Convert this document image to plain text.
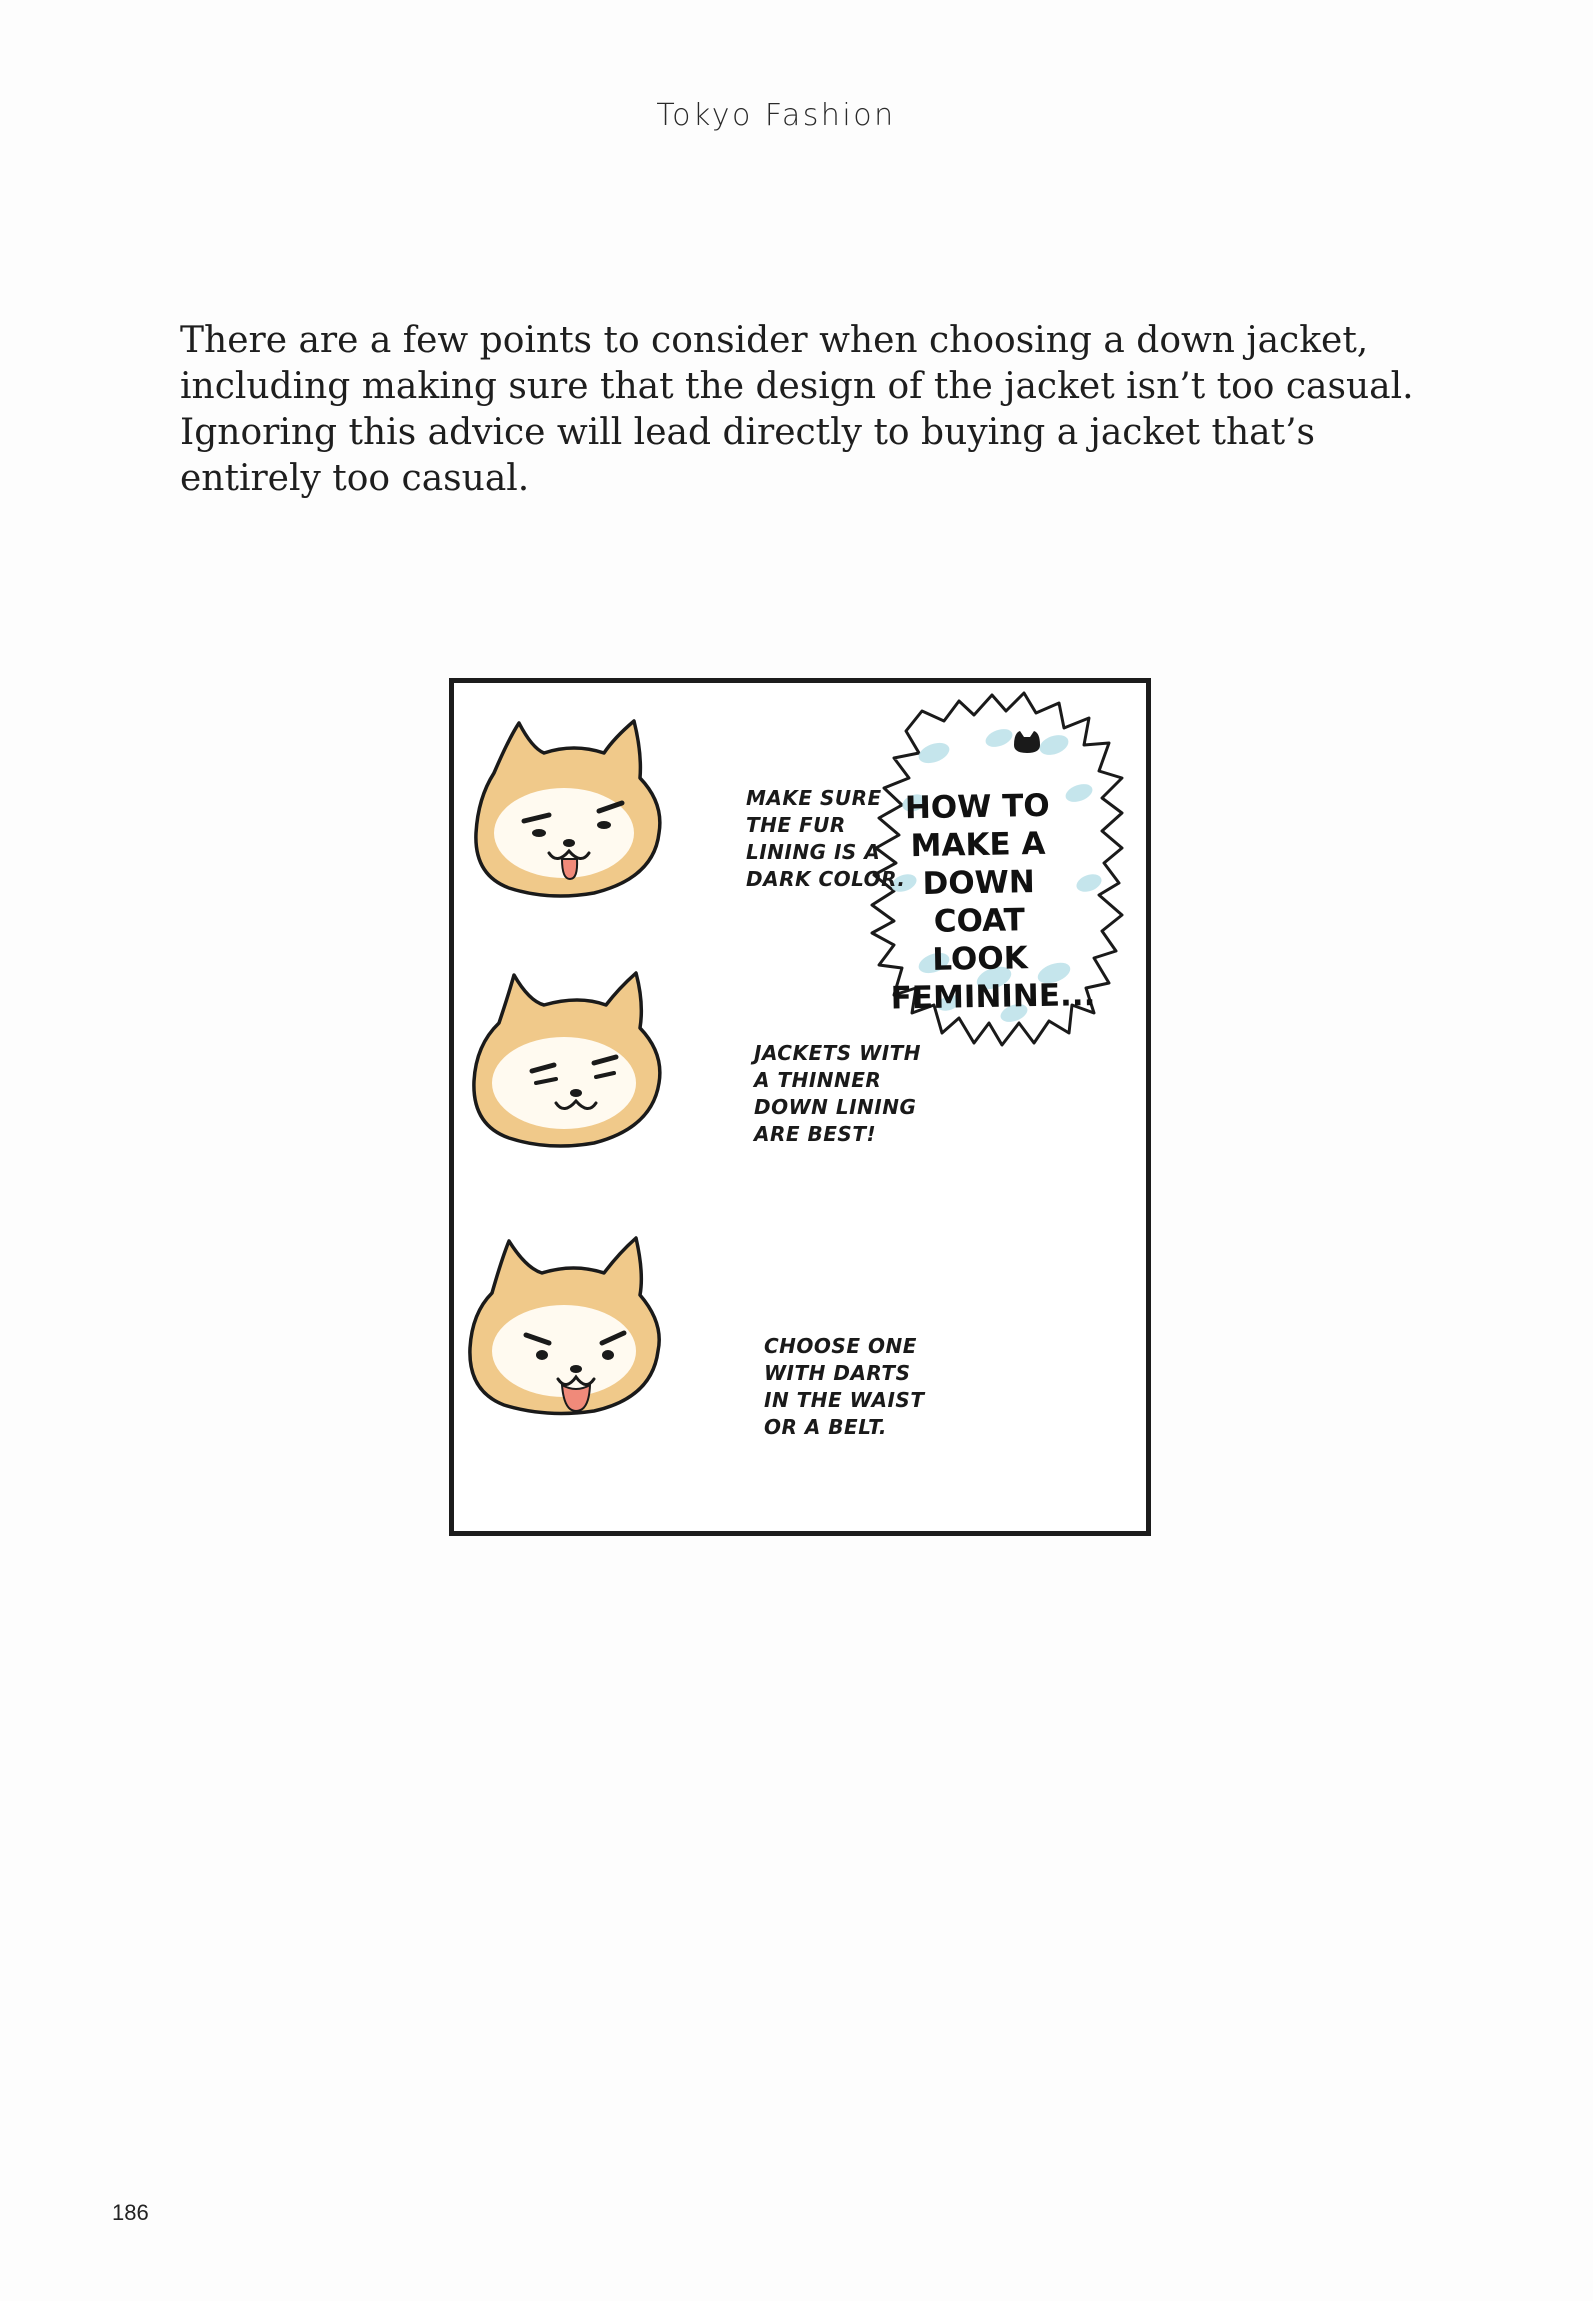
Tokyo Fashion

There are a few points to consider when choosing a down jacket, including making sure that the design of the jacket isn’t too casual. Ignoring this advice will lead directly to buying a jacket that’s entirely too casual.

HOW TO
MAKE A
DOWN
COAT LOOK
FEMININE...
MAKE SURE
THE FUR
LINING IS A
DARK COLOR.
JACKETS WITH
A THINNER
DOWN LINING
ARE BEST!
CHOOSE ONE
WITH DARTS
IN THE WAIST
OR A BELT.
186
